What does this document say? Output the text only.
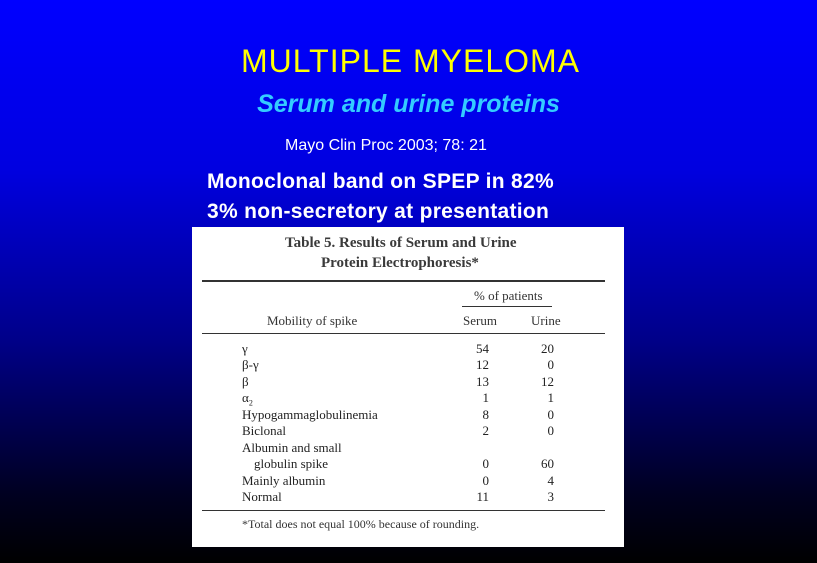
MULTIPLE MYELOMA
Serum and urine proteins
Mayo Clin Proc 2003; 78: 21
Monoclonal band on SPEP in 82%
3% non-secretory at presentation
Table 5. Results of Serum and Urine
Protein Electrophoresis*
% of patients
Mobility of spike	Serum	Urine
γ	54	20
β-γ	12	0
β	13	12
$\alpha_2$	1	1
Hypogammaglobulinemia	8	0
Biclonal	2	0
Albumin and small
globulin spike	0	60
Mainly albumin	0	4
Normal	11	3
*Total does not equal 100% because of rounding.
